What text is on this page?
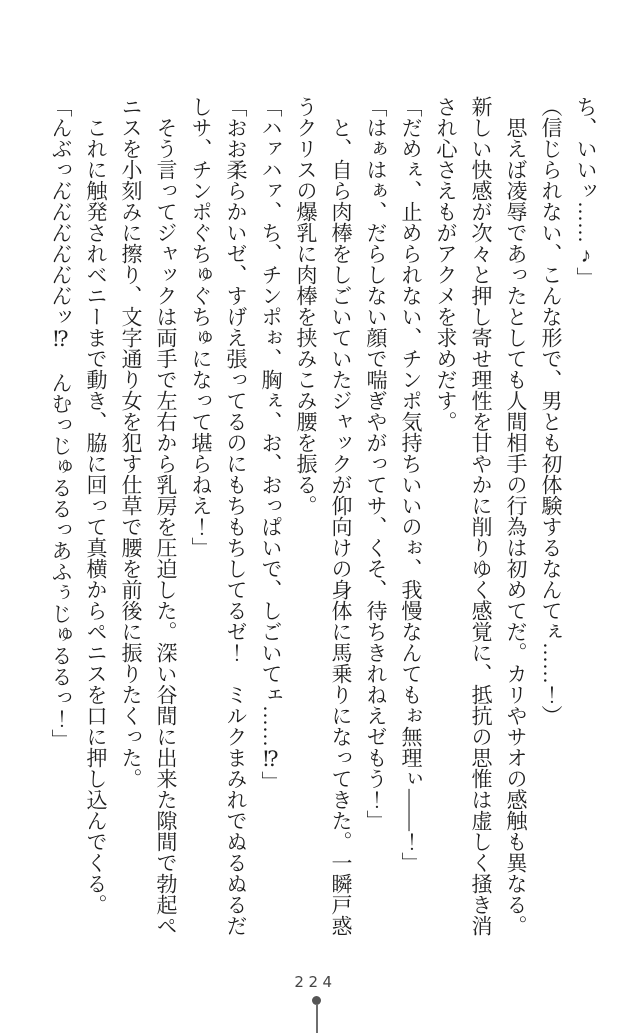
ち、いいッ……♪」

（信じられない、こんな形で、男とも初体験するなんてぇ……！）

思えば凌辱であったとしても人間相手の行為は初めてだ。カリやサオの感触も異なる。

新しい快感が次々と押し寄せ理性を甘やかに削りゆく感覚に、抵抗の思惟は虚しく掻き消

され心さえもがアクメを求めだす。

「だめぇ、止められない、チンポ気持ちいいのぉ、我慢なんてもぉ無理ぃ――！」

「はぁはぁ、だらしない顔で喘ぎやがってサ、くそ、待ちきれねえゼもう！」

と、自ら肉棒をしごいていたジャックが仰向けの身体に馬乗りになってきた。一瞬戸惑

うクリスの爆乳に肉棒を挟みこみ腰を振る。

「ハァハァ、ち、チンポぉ、胸ぇ、お、おっぱいで、しごいてェ……⁉」

「おお柔らかいゼ、すげえ張ってるのにもちもちしてるゼ！　ミルクまみれでぬるぬるだ

しサ、チンポぐちゅぐちゅになって堪らねえ！」

そう言ってジャックは両手で左右から乳房を圧迫した。深い谷間に出来た隙間で勃起ペ

ニスを小刻みに擦り、文字通り女を犯す仕草で腰を前後に振りたくった。

これに触発されベニーまで動き、脇に回って真横からペニスを口に押し込んでくる。

「んぶっん゙ん゙ん゙ん゙ん゙ん゙ッ⁉　んむっじゅるるっあふぅじゅるるっ！」

224
